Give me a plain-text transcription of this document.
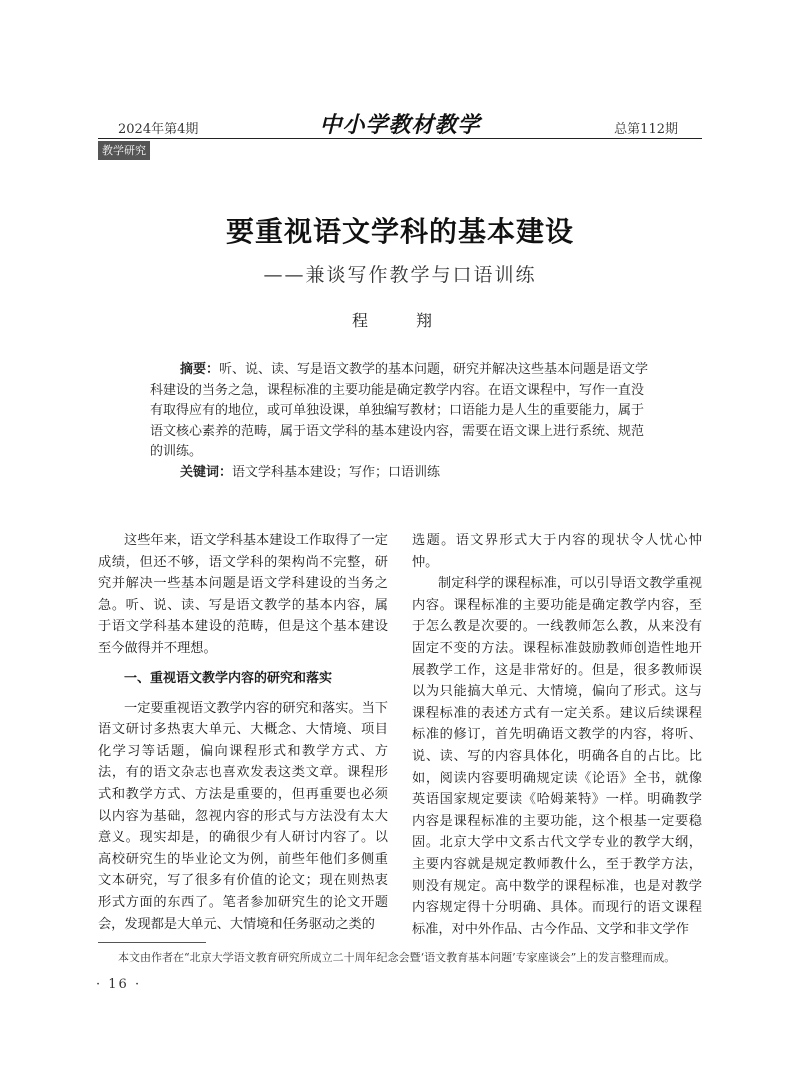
2024年第4期	中小学教材教学	总第112期
教学研究
要重视语文学科的基本建设
——兼谈写作教学与口语训练
程　翔

摘要：听、说、读、写是语文教学的基本问题，研究并解决这些基本问题是语文学科建设的当务之急，课程标准的主要功能是确定教学内容。在语文课程中，写作一直没有取得应有的地位，或可单独设课，单独编写教材；口语能力是人生的重要能力，属于语文核心素养的范畴，属于语文学科的基本建设内容，需要在语文课上进行系统、规范的训练。

关键词：语文学科基本建设；写作；口语训练

这些年来，语文学科基本建设工作取得了一定成绩，但还不够，语文学科的架构尚不完整，研究并解决一些基本问题是语文学科建设的当务之急。听、说、读、写是语文教学的基本内容，属于语文学科基本建设的范畴，但是这个基本建设至今做得并不理想。

一、重视语文教学内容的研究和落实

一定要重视语文教学内容的研究和落实。当下语文研讨多热衷大单元、大概念、大情境、项目化学习等话题，偏向课程形式和教学方式、方法，有的语文杂志也喜欢发表这类文章。课程形式和教学方式、方法是重要的，但再重要也必须以内容为基础，忽视内容的形式与方法没有太大意义。现实却是，的确很少有人研讨内容了。以高校研究生的毕业论文为例，前些年他们多侧重文本研究，写了很多有价值的论文；现在则热衷形式方面的东西了。笔者参加研究生的论文开题会，发现都是大单元、大情境和任务驱动之类的

选题。语文界形式大于内容的现状令人忧心忡忡。

制定科学的课程标准，可以引导语文教学重视内容。课程标准的主要功能是确定教学内容，至于怎么教是次要的。一线教师怎么教，从来没有固定不变的方法。课程标准鼓励教师创造性地开展教学工作，这是非常好的。但是，很多教师误以为只能搞大单元、大情境，偏向了形式。这与课程标准的表述方式有一定关系。建议后续课程标准的修订，首先明确语文教学的内容，将听、说、读、写的内容具体化，明确各自的占比。比如，阅读内容要明确规定读《论语》全书，就像英语国家规定要读《哈姆莱特》一样。明确教学内容是课程标准的主要功能，这个根基一定要稳固。北京大学中文系古代文学专业的教学大纲，主要内容就是规定教师教什么，至于教学方法，则没有规定。高中数学的课程标准，也是对教学内容规定得十分明确、具体。而现行的语文课程标准，对中外作品、古今作品、文学和非文学作

本文由作者在“北京大学语文教育研究所成立二十周年纪念会暨‘语文教育基本问题’专家座谈会”上的发言整理而成。
· 16 ·
